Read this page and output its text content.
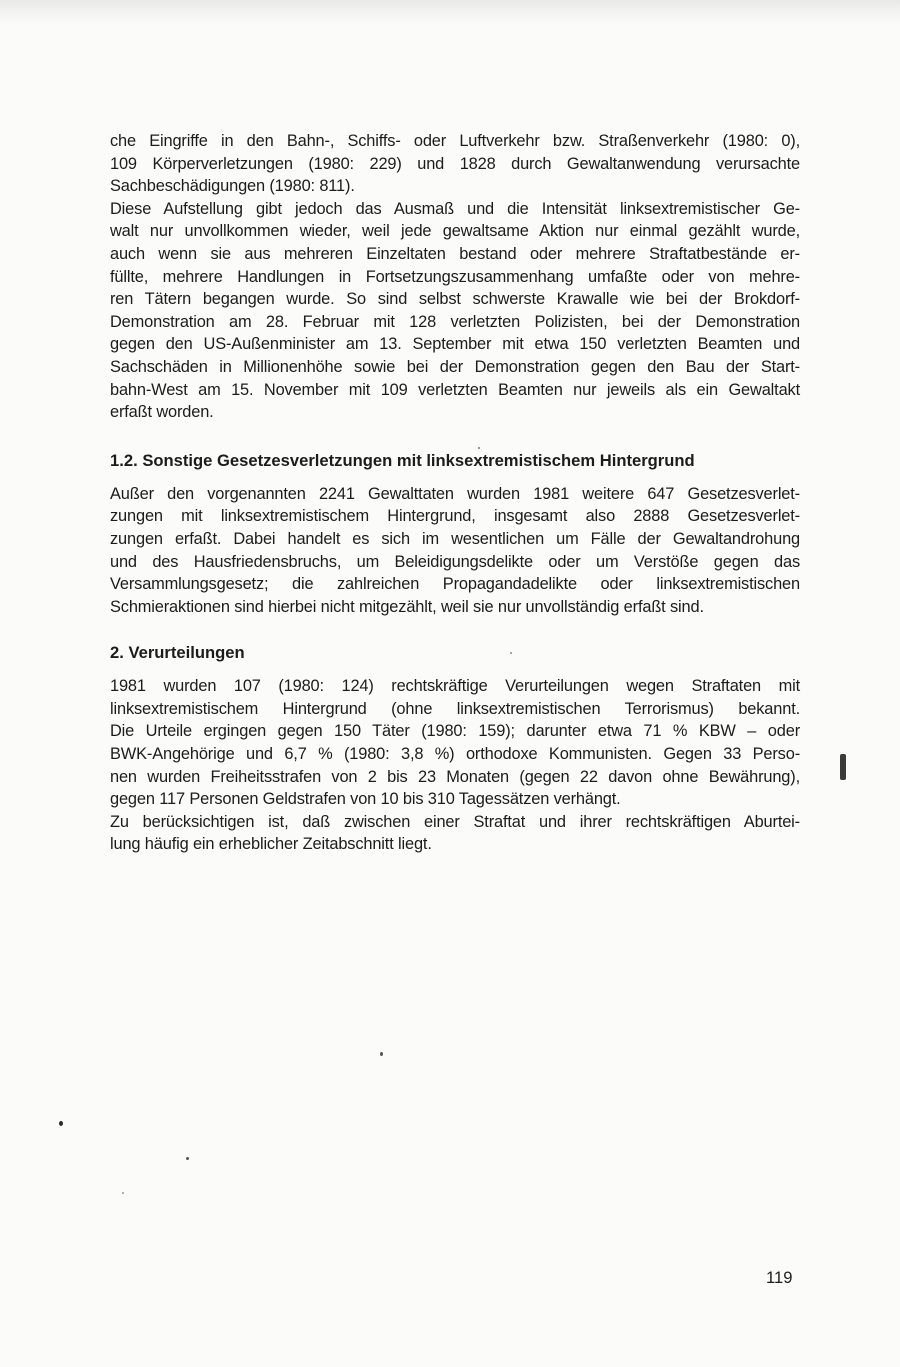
che Eingriffe in den Bahn-, Schiffs- oder Luftverkehr bzw. Straßenverkehr (1980: 0),
109 Körperverletzungen (1980: 229) und 1828 durch Gewaltanwendung verursachte
Sachbeschädigungen (1980: 811).
Diese Aufstellung gibt jedoch das Ausmaß und die Intensität linksextremistischer Ge-
walt nur unvollkommen wieder, weil jede gewaltsame Aktion nur einmal gezählt wurde,
auch wenn sie aus mehreren Einzeltaten bestand oder mehrere Straftatbestände er-
füllte, mehrere Handlungen in Fortsetzungszusammenhang umfaßte oder von mehre-
ren Tätern begangen wurde. So sind selbst schwerste Krawalle wie bei der Brokdorf-
Demonstration am 28. Februar mit 128 verletzten Polizisten, bei der Demonstration
gegen den US-Außenminister am 13. September mit etwa 150 verletzten Beamten und
Sachschäden in Millionenhöhe sowie bei der Demonstration gegen den Bau der Start-
bahn-West am 15. November mit 109 verletzten Beamten nur jeweils als ein Gewaltakt
erfaßt worden.

1.2. Sonstige Gesetzesverletzungen mit linksextremistischem Hintergrund

Außer den vorgenannten 2241 Gewalttaten wurden 1981 weitere 647 Gesetzesverlet-
zungen mit linksextremistischem Hintergrund, insgesamt also 2888 Gesetzesverlet-
zungen erfaßt. Dabei handelt es sich im wesentlichen um Fälle der Gewaltandrohung
und des Hausfriedensbruchs, um Beleidigungsdelikte oder um Verstöße gegen das
Versammlungsgesetz; die zahlreichen Propagandadelikte oder linksextremistischen
Schmieraktionen sind hierbei nicht mitgezählt, weil sie nur unvollständig erfaßt sind.

2. Verurteilungen

1981 wurden 107 (1980: 124) rechtskräftige Verurteilungen wegen Straftaten mit
linksextremistischem Hintergrund (ohne linksextremistischen Terrorismus) bekannt.
Die Urteile ergingen gegen 150 Täter (1980: 159); darunter etwa 71 % KBW – oder
BWK-Angehörige und 6,7 % (1980: 3,8 %) orthodoxe Kommunisten. Gegen 33 Perso-
nen wurden Freiheitsstrafen von 2 bis 23 Monaten (gegen 22 davon ohne Bewährung),
gegen 117 Personen Geldstrafen von 10 bis 310 Tagessätzen verhängt.
Zu berücksichtigen ist, daß zwischen einer Straftat und ihrer rechtskräftigen Aburtei-
lung häufig ein erheblicher Zeitabschnitt liegt.

119
